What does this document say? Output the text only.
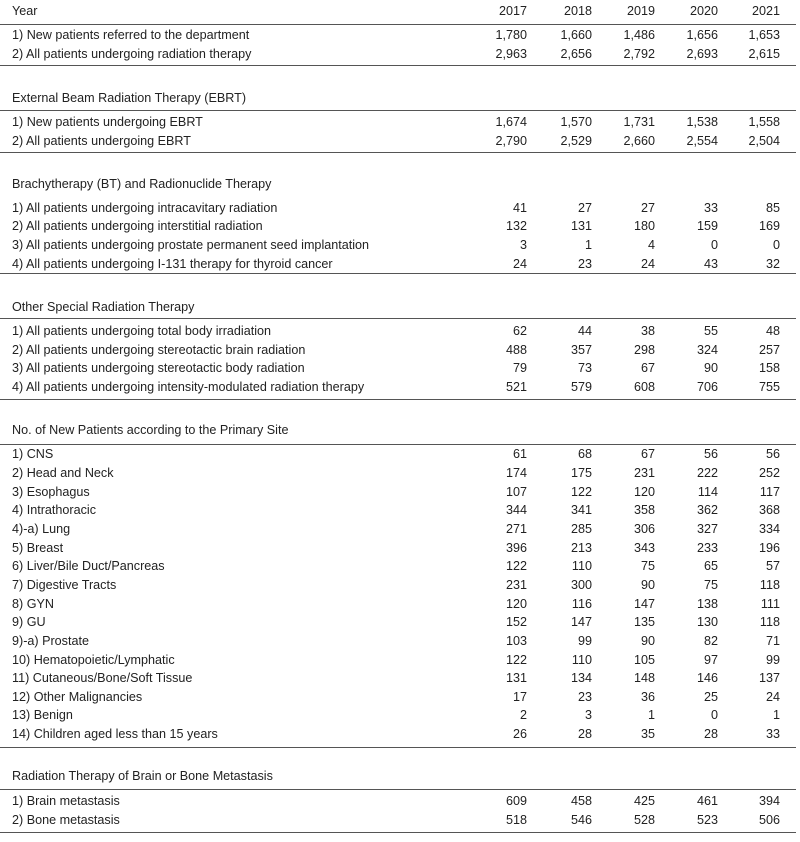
Year	2017	2018	2019	2020	2021
1) New patients referred to the department	1,780	1,660	1,486	1,656	1,653
2) All patients undergoing radiation therapy	2,963	2,656	2,792	2,693	2,615
External Beam Radiation Therapy (EBRT)
1) New patients undergoing EBRT	1,674	1,570	1,731	1,538	1,558
2) All patients undergoing EBRT	2,790	2,529	2,660	2,554	2,504
Brachytherapy (BT) and Radionuclide Therapy
1) All patients undergoing intracavitary radiation	41	27	27	33	85
2) All patients undergoing interstitial radiation	132	131	180	159	169
3) All patients undergoing prostate permanent seed implantation	3	1	4	0	0
4) All patients undergoing I-131 therapy for thyroid cancer	24	23	24	43	32
Other Special Radiation Therapy
1) All patients undergoing total body irradiation	62	44	38	55	48
2) All patients undergoing stereotactic brain radiation	488	357	298	324	257
3) All patients undergoing stereotactic body radiation	79	73	67	90	158
4) All patients undergoing intensity-modulated radiation therapy	521	579	608	706	755
No. of New Patients according to the Primary Site
1) CNS	61	68	67	56	56
2) Head and Neck	174	175	231	222	252
3) Esophagus	107	122	120	114	117
4) Intrathoracic	344	341	358	362	368
4)-a) Lung	271	285	306	327	334
5) Breast	396	213	343	233	196
6) Liver/Bile Duct/Pancreas	122	110	75	65	57
7) Digestive Tracts	231	300	90	75	118
8) GYN	120	116	147	138	111
9) GU	152	147	135	130	118
9)-a) Prostate	103	99	90	82	71
10) Hematopoietic/Lymphatic	122	110	105	97	99
11) Cutaneous/Bone/Soft Tissue	131	134	148	146	137
12) Other Malignancies	17	23	36	25	24
13) Benign	2	3	1	0	1
14) Children aged less than 15 years	26	28	35	28	33
Radiation Therapy of Brain or Bone Metastasis
1) Brain metastasis	609	458	425	461	394
2) Bone metastasis	518	546	528	523	506
